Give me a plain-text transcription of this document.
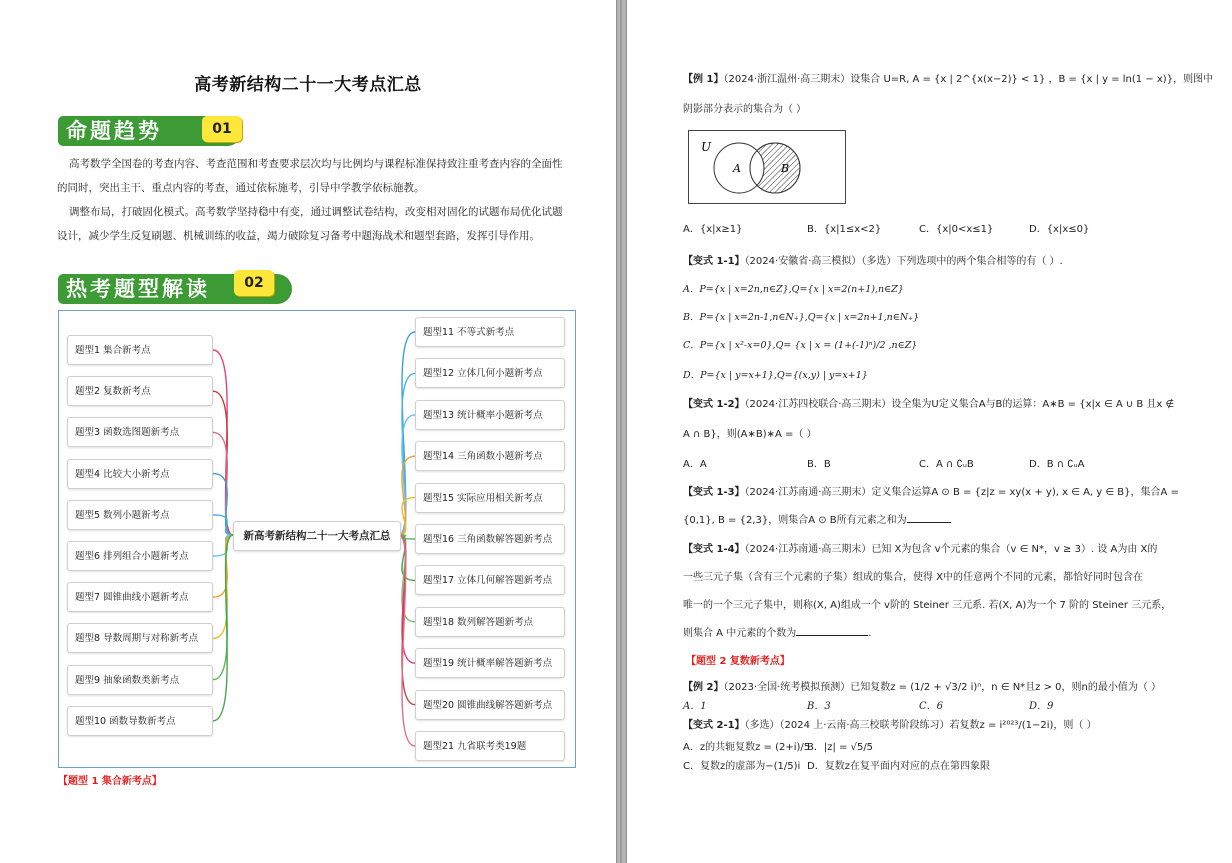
高考新结构二十一大考点汇总
命题趋势	01
高考数学全国卷的考查内容、考查范围和考查要求层次均与比例均与课程标准保持致注重考查内容的全面性的同时，突出主干、重点内容的考查，通过依标施考，引导中学教学依标施教。
调整布局，打破固化模式。高考数学坚持稳中有变，通过调整试卷结构，改变相对固化的试题布局优化试题设计，减少学生反复刷题、机械训练的收益，竭力破除复习备考中题海战术和题型套路，发挥引导作用。
热考题型解读	02
题型1 集合新考点
题型2 复数新考点
题型3 函数选图题新考点
题型4 比较大小新考点
题型5 数列小题新考点
题型6 排列组合小题新考点
题型7 圆锥曲线小题新考点
题型8 导数周期与对称新考点
题型9 抽象函数类新考点
题型10 函数导数新考点
题型11 不等式新考点
题型12 立体几何小题新考点
题型13 统计概率小题新考点
题型14 三角函数小题新考点
题型15 实际应用相关新考点
题型16 三角函数解答题新考点
题型17 立体几何解答题新考点
题型18 数列解答题新考点
题型19 统计概率解答题新考点
题型20 圆锥曲线解答题新考点
题型21 九省联考类19题
新高考新结构二十一大考点汇总
【题型 1 集合新考点】
【例 1】（2024·浙江温州·高三期末）设集合 U=R, A = {x | 2^{x(x−2)} < 1} ，B = {x | y = ln(1 − x)}，则图中
阴影部分表示的集合为（ ）
U
A	B
A．{x|x≥1}	B．{x|1≤x<2}	C．{x|0<x≤1}	D．{x|x≤0}
【变式 1-1】（2024·安徽省·高三模拟）（多选）下列选项中的两个集合相等的有（ ）.
A．P={x | x=2n,n∈Z},Q={x | x=2(n+1),n∈Z}
B．P={x | x=2n-1,n∈N₊},Q={x | x=2n+1,n∈N₊}
C．P={x | x²-x=0},Q= {x | x = (1+(-1)ⁿ)/2 ,n∈Z}
D．P={x | y=x+1},Q={(x,y) | y=x+1}
【变式 1-2】（2024·江苏四校联合·高三期末）设全集为U定义集合A与B的运算：A∗B = {x|x ∈ A ∪ B 且x ∉
A ∩ B}，则(A∗B)∗A =（ ）
A．A	B．B	C．A ∩ ∁ᵤB	D．B ∩ ∁ᵤA
【变式 1-3】（2024·江苏南通·高三期末）定义集合运算A ⊙ B = {z|z = xy(x + y), x ∈ A, y ∈ B}，集合A =
{0,1}, B = {2,3}，则集合A ⊙ B所有元素之和为
【变式 1-4】（2024·江苏南通·高三期末）已知 X为包含 v个元素的集合（v ∈ N*，v ≥ 3）. 设 A为由 X的
一些三元子集（含有三个元素的子集）组成的集合，使得 X中的任意两个不同的元素，都恰好同时包含在
唯一的一个三元子集中，则称(X, A)组成一个 v阶的 Steiner 三元系. 若(X, A)为一个 7 阶的 Steiner 三元系，
则集合 A 中元素的个数为	.
【题型 2 复数新考点】
【例 2】（2023·全国·统考模拟预测）已知复数z = (1/2 + √3/2 i)ⁿ，n ∈ N*且z > 0，则n的最小值为（ ）
A．1	B．3	C．6	D．9
【变式 2-1】（多选）（2024 上·云南·高三校联考阶段练习）若复数z = i²⁰²³/(1−2i)，则（ ）
A．z的共轭复数z = (2+i)/5B．|z| = √5/5
C．复数z的虚部为−(1/5)i D．复数z在复平面内对应的点在第四象限
